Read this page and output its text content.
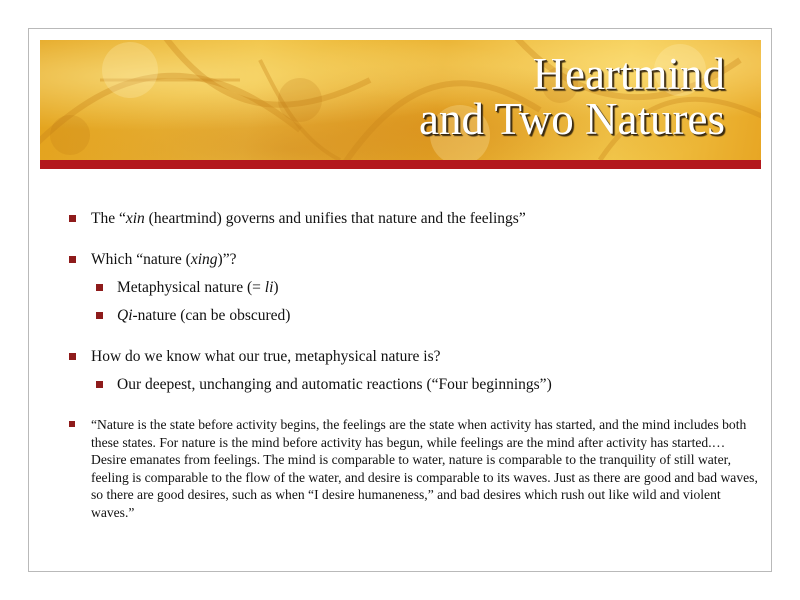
Heartmind
and Two Natures
The “xin (heartmind) governs and unifies that nature and the feelings”
Which “nature (xing)”?
Metaphysical nature (= li)
Qi-nature (can be obscured)
How do we know what our true, metaphysical nature is?
Our deepest, unchanging and automatic reactions (“Four beginnings”)
“Nature is the state before activity begins, the feelings are the state when activity has started, and the mind includes both these states. For nature is the mind before activity has begun, while feelings are the mind after activity has started.… Desire emanates from feelings. The mind is comparable to water, nature is comparable to the tranquility of still water, feeling is comparable to the flow of the water, and desire is comparable to its waves. Just as there are good and bad waves, so there are good desires, such as when “I desire humaneness,” and bad desires which rush out like wild and violent waves.”
